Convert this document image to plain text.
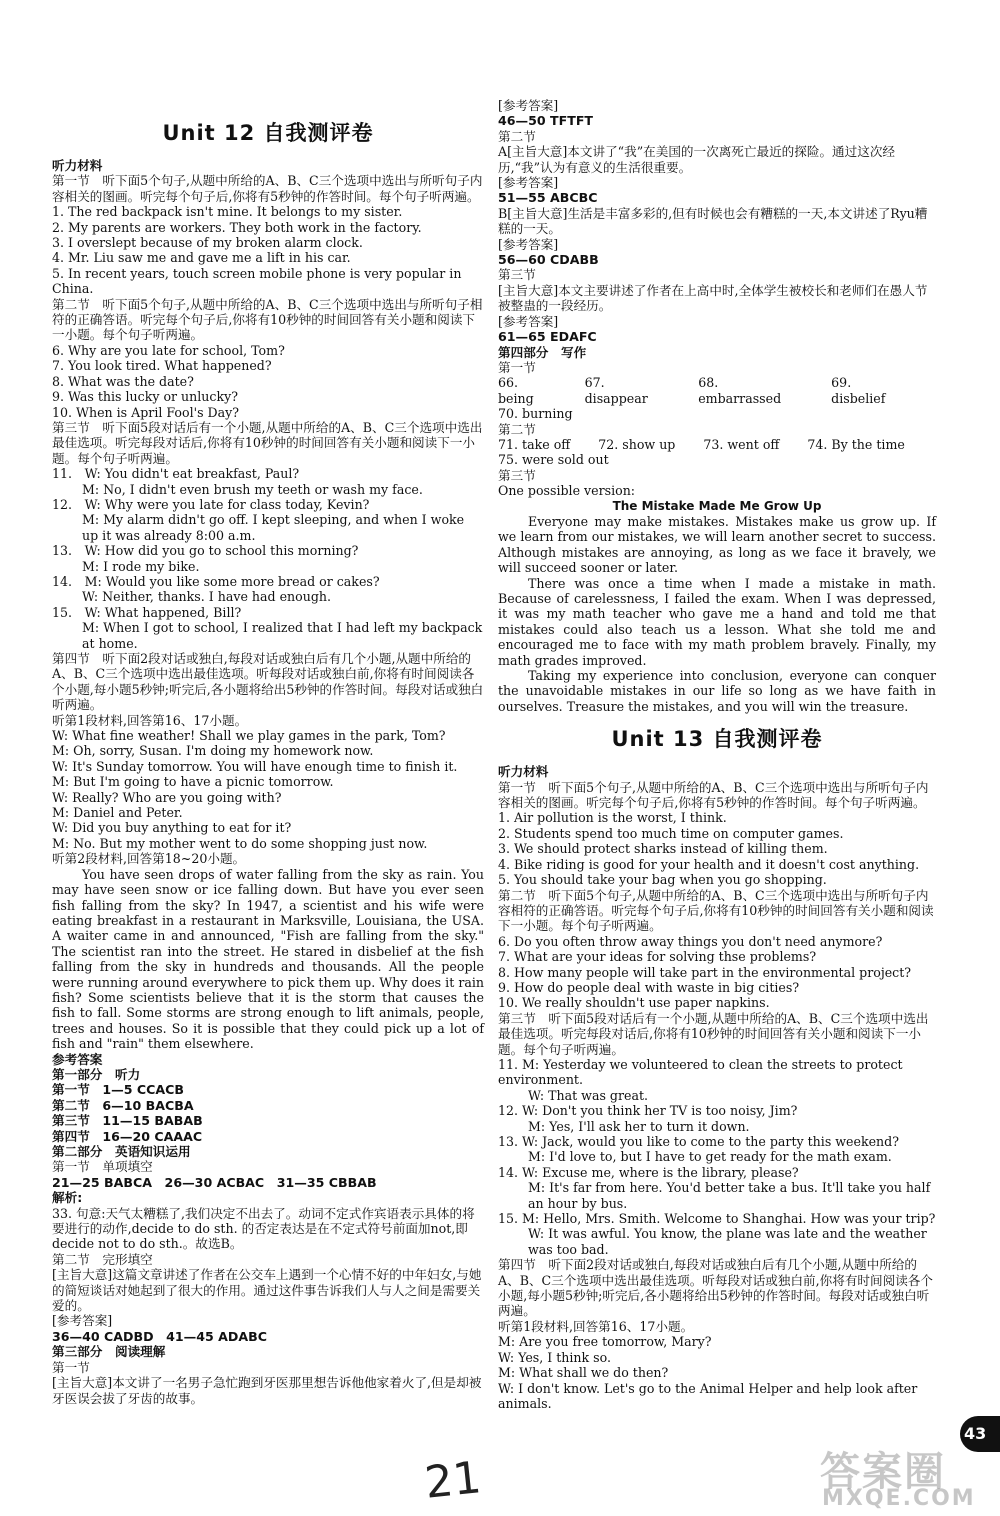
Unit 12 自我测评卷
听力材料
第一节　听下面5个句子,从题中所给的A、B、C三个选项中选出与所听句子内容相关的图画。听完每个句子后,你将有5秒钟的作答时间。每个句子听两遍。
1. The red backpack isn't mine. It belongs to my sister.
2. My parents are workers. They both work in the factory.
3. I overslept because of my broken alarm clock.
4. Mr. Liu saw me and gave me a lift in his car.
5. In recent years, touch screen mobile phone is very popular in China.
第二节　听下面5个句子,从题中所给的A、B、C三个选项中选出与所听句子相符的正确答语。听完每个句子后,你将有10秒钟的时间回答有关小题和阅读下一小题。每个句子听两遍。
6. Why are you late for school, Tom?
7. You look tired. What happened?
8. What was the date?
9. Was this lucky or unlucky?
10. When is April Fool's Day?
第三节　听下面5段对话后有一个小题,从题中所给的A、B、C三个选项中选出最佳选项。听完每段对话后,你将有10秒钟的时间回答有关小题和阅读下一小题。每个句子听两遍。
11.　W: You didn't eat breakfast, Paul?
M: No, I didn't even brush my teeth or wash my face.
12.　W: Why were you late for class today, Kevin?
M: My alarm didn't go off. I kept sleeping, and when I woke up it was already 8:00 a.m.
13.　W: How did you go to school this morning?
M: I rode my bike.
14.　M: Would you like some more bread or cakes?
W: Neither, thanks. I have had enough.
15.　W: What happened, Bill?
M: When I got to school, I realized that I had left my backpack at home.
第四节　听下面2段对话或独白,每段对话或独白后有几个小题,从题中所给的A、B、C三个选项中选出最佳选项。听每段对话或独白前,你将有时间阅读各个小题,每小题5秒钟;听完后,各小题将给出5秒钟的作答时间。每段对话或独白听两遍。
听第1段材料,回答第16、17小题。
W: What fine weather! Shall we play games in the park, Tom?
M: Oh, sorry, Susan. I'm doing my homework now.
W: It's Sunday tomorrow. You will have enough time to finish it.
M: But I'm going to have a picnic tomorrow.
W: Really? Who are you going with?
M: Daniel and Peter.
W: Did you buy anything to eat for it?
M: No. But my mother went to do some shopping just now.
听第2段材料,回答第18~20小题。
You have seen drops of water falling from the sky as rain. You may have seen snow or ice falling down. But have you ever seen fish falling from the sky? In 1947, a scientist and his wife were eating breakfast in a restaurant in Marksville, Louisiana, the USA. A waiter came in and announced, "Fish are falling from the sky." The scientist ran into the street. He stared in disbelief at the fish falling from the sky in hundreds and thousands. All the people were running around everywhere to pick them up. Why does it rain fish? Some scientists believe that it is the storm that causes the fish to fall. Some storms are strong enough to lift animals, people, trees and houses. So it is possible that they could pick up a lot of fish and "rain" them elsewhere.
参考答案
第一部分　听力
第一节　1—5 CCACB
第二节　6—10 BACBA
第三节　11—15 BABAB
第四节　16—20 CAAAC
第二部分　英语知识运用
第一节　单项填空
21—25 BABCA　26—30 ACBAC　31—35 CBBAB
解析:
33. 句意:天气太糟糕了,我们决定不出去了。动词不定式作宾语表示具体的将要进行的动作,decide to do sth. 的否定表达是在不定式符号前面加not,即decide not to do sth.。故选B。
第二节　完形填空
[主旨大意]这篇文章讲述了作者在公交车上遇到一个心情不好的中年妇女,与她的简短谈话对她起到了很大的作用。通过这件事告诉我们人与人之间是需要关爱的。
[参考答案]
36—40 CADBD　41—45 ADABC
第三部分　阅读理解
第一节
[主旨大意]本文讲了一名男子急忙跑到牙医那里想告诉他他家着火了,但是却被牙医误会拔了牙齿的故事。
[参考答案]
46—50 TFTFT
第二节
A[主旨大意]本文讲了“我”在美国的一次离死亡最近的探险。通过这次经历,“我”认为有意义的生活很重要。
[参考答案]
51—55 ABCBC
B[主旨大意]生活是丰富多彩的,但有时候也会有糟糕的一天,本文讲述了Ryu糟糕的一天。
[参考答案]
56—60 CDABB
第三节
[主旨大意]本文主要讲述了作者在上高中时,全体学生被校长和老师们在愚人节被整蛊的一段经历。
[参考答案]
61—65 EDAFC
第四部分　写作
第一节
66. being
67. disappear
68. embarrassed
69. disbelief
70. burning
第二节
71. take off 72. show up 73. went off 74. By the time
75. were sold out
第三节
One possible version:
The Mistake Made Me Grow Up
Everyone may make mistakes. Mistakes make us grow up. If we learn from our mistakes, we will learn another secret to success. Although mistakes are annoying, as long as we face it bravely, we will succeed sooner or later.
There was once a time when I made a mistake in math. Because of carelessness, I failed the exam. When I was depressed, it was my math teacher who gave me a hand and told me that mistakes could also teach us a lesson. What she told me and encouraged me to face with my math problem bravely. Finally, my math grades improved.
Taking my experience into conclusion, everyone can conquer the unavoidable mistakes in our life so long as we have faith in ourselves. Treasure the mistakes, and you will win the treasure.
Unit 13 自我测评卷
听力材料
第一节　听下面5个句子,从题中所给的A、B、C三个选项中选出与所听句子内容相关的图画。听完每个句子后,你将有5秒钟的作答时间。每个句子听两遍。
1. Air pollution is the worst, I think.
2. Students spend too much time on computer games.
3. We should protect sharks instead of killing them.
4. Bike riding is good for your health and it doesn't cost anything.
5. You should take your bag when you go shopping.
第二节　听下面5个句子,从题中所给的A、B、C三个选项中选出与所听句子内容相符的正确答语。听完每个句子后,你将有10秒钟的时间回答有关小题和阅读下一小题。每个句子听两遍。
6. Do you often throw away things you don't need anymore?
7. What are your ideas for solving thse problems?
8. How many people will take part in the environmental project?
9. How do people deal with waste in big cities?
10. We really shouldn't use paper napkins.
第三节　听下面5段对话后有一个小题,从题中所给的A、B、C三个选项中选出最佳选项。听完每段对话后,你将有10秒钟的时间回答有关小题和阅读下一小题。每个句子听两遍。
11. M: Yesterday we volunteered to clean the streets to protect environment.
W: That was great.
12. W: Don't you think her TV is too noisy, Jim?
M: Yes, I'll ask her to turn it down.
13. W: Jack, would you like to come to the party this weekend?
M: I'd love to, but I have to get ready for the math exam.
14. W: Excuse me, where is the library, please?
M: It's far from here. You'd better take a bus. It'll take you half an hour by bus.
15. M: Hello, Mrs. Smith. Welcome to Shanghai. How was your trip?
W: It was awful. You know, the plane was late and the weather was too bad.
第四节　听下面2段对话或独白,每段对话或独白后有几个小题,从题中所给的A、B、C三个选项中选出最佳选项。听每段对话或独白前,你将有时间阅读各个小题,每小题5秒钟;听完后,各小题将给出5秒钟的作答时间。每段对话或独白听两遍。
听第1段材料,回答第16、17小题。
M: Are you free tomorrow, Mary?
W: Yes, I think so.
M: What shall we do then?
W: I don't know. Let's go to the Animal Helper and help look after animals.
43
21	答案圈
MXQE.COM
